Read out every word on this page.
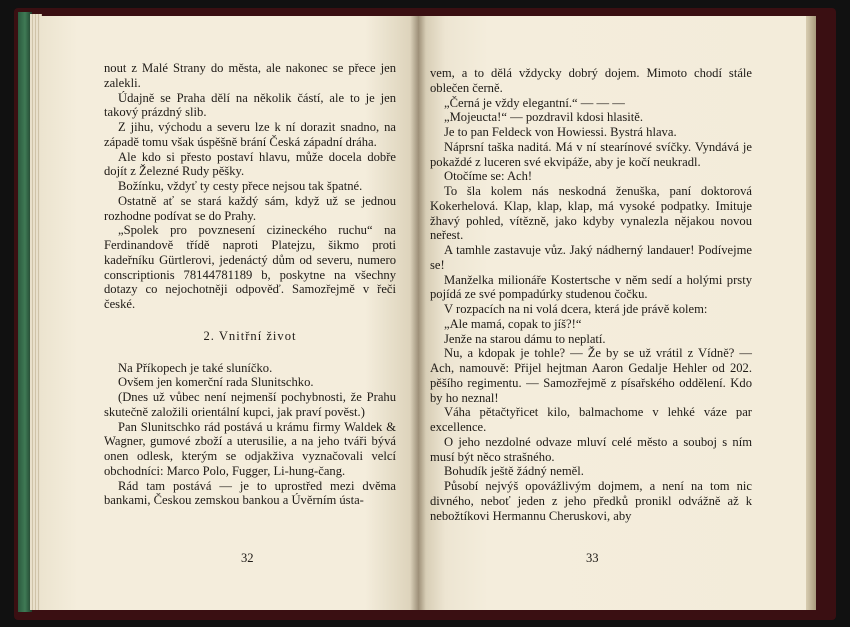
nout z Malé Strany do města, ale nakonec se přece jen zalekli.

Údajně se Praha dělí na několik částí, ale to je jen takový prázdný slib.

Z jihu, východu a severu lze k ní dorazit snadno, na západě tomu však úspěšně brání Česká západní dráha.

Ale kdo si přesto postaví hlavu, může docela dobře dojít z Železné Rudy pěšky.

Božínku, vždyť ty cesty přece nejsou tak špatné.

Ostatně ať se stará každý sám, když už se jednou rozhodne podívat se do Prahy.

„Spolek pro povznesení cizineckého ruchu“ na Ferdinandově třídě naproti Platejzu, šikmo proti kadeřníku Gürtlerovi, jedenáctý dům od severu, numero conscriptionis 78144781189 b, poskytne na všechny dotazy co nejochotněji odpověď. Samozřejmě v řeči české.

2. Vnitřní život

Na Příkopech je také sluníčko.

Ovšem jen komerční rada Slunitschko.

(Dnes už vůbec není nejmenší pochybnosti, že Prahu skutečně založili orientální kupci, jak praví pověst.)

Pan Slunitschko rád postává u krámu firmy Waldek & Wagner, gumové zboží a uterusilie, a na jeho tváři bývá onen odlesk, kterým se odjakživa vyznačovali velcí obchodníci: Marco Polo, Fugger, Li-hung-čang.

Rád tam postává — je to uprostřed mezi dvěma bankami, Českou zemskou bankou a Úvěrním ústa-

32

vem, a to dělá vždycky dobrý dojem. Mimoto chodí stále oblečen černě.

„Černá je vždy elegantní.“ — — —

„Mojeucta!“ — pozdravil kdosi hlasitě.

Je to pan Feldeck von Howiessi. Bystrá hlava.

Náprsní taška naditá. Má v ní stearínové svíčky. Vyndává je pokaždé z luceren své ekvipáže, aby je kočí neukradl.

Otočíme se: Ach!

To šla kolem nás neskodná ženuška, paní doktorová Kokerhelová. Klap, klap, klap, má vysoké podpatky. Imituje žhavý pohled, vítězně, jako kdyby vynalezla nějakou novou neřest.

A tamhle zastavuje vůz. Jaký nádherný landauer! Podívejme se!

Manželka milionáře Kostertsche v něm sedí a holými prsty pojídá ze své pompadúrky studenou čočku.

V rozpacích na ni volá dcera, která jde právě kolem:

„Ale mamá, copak to jíš?!“

Jenže na starou dámu to neplatí.

Nu, a kdopak je tohle? — Že by se už vrátil z Vídně? — Ach, namouvě: Přijel hejtman Aaron Gedalje Hehler od 202. pěšího regimentu. — Samozřejmě z písařského oddělení. Kdo by ho neznal!

Váha pětačtyřicet kilo, balmachome v lehké váze par excellence.

O jeho nezdolné odvaze mluví celé město a souboj s ním musí být něco strašného.

Bohudík ještě žádný neměl.

Působí nejvýš opovážlivým dojmem, a není na tom nic divného, neboť jeden z jeho předků pronikl odvážně až k nebožtíkovi Hermannu Cheruskovi, aby

33
